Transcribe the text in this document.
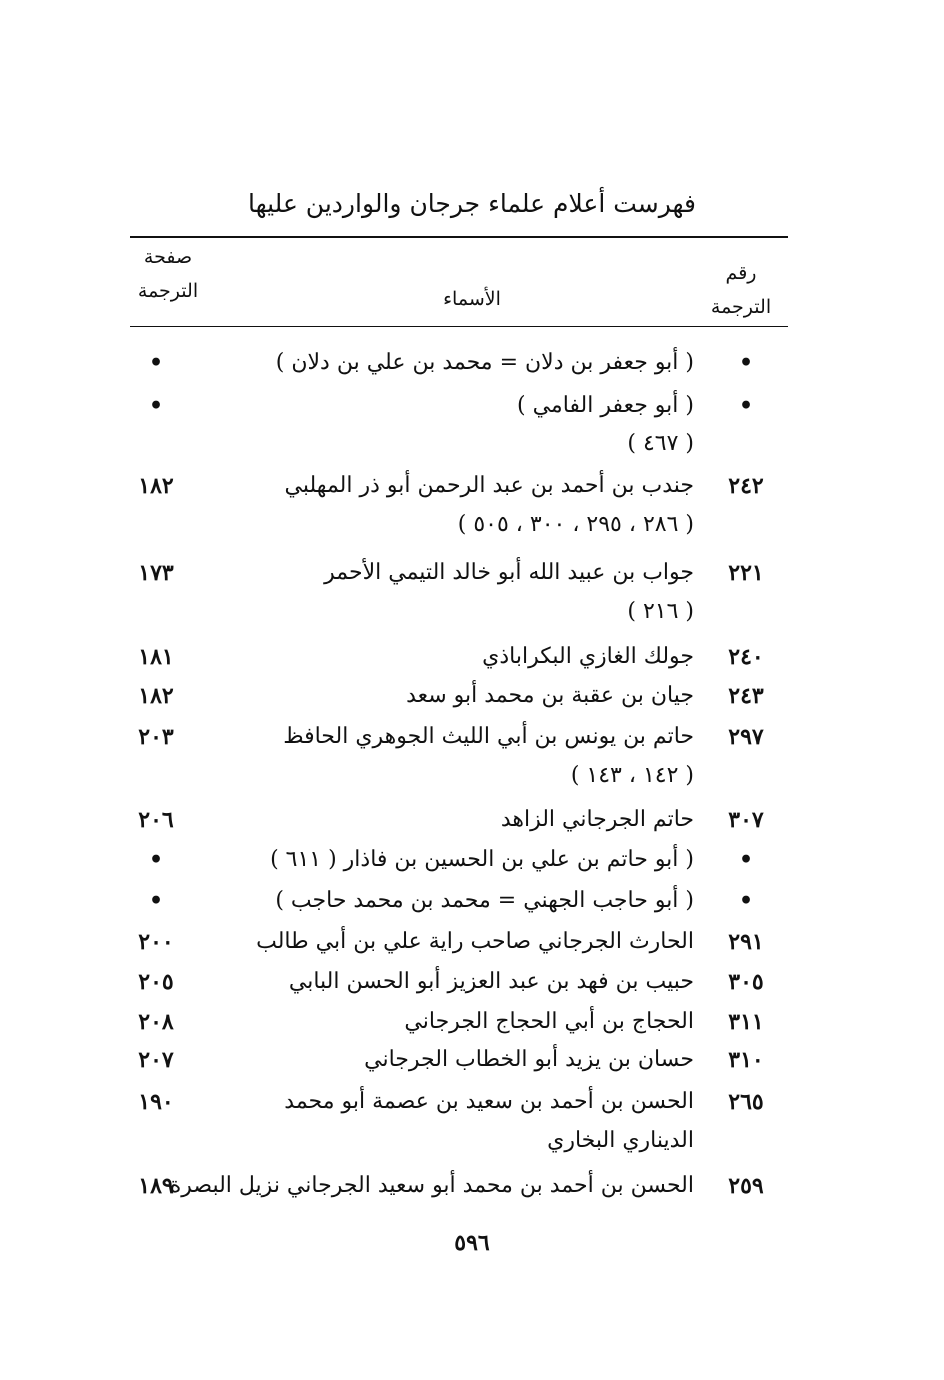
فهرست أعلام علماء جرجان والواردين عليها
رقم
الترجمة
الأسماء
صفحة
الترجمة
•
( أبو جعفر بن دلان = محمد بن علي بن دلان )
•
•
( أبو جعفر الفامي )
•
( ٤٦٧ )
٢٤٢
جندب بن أحمد بن عبد الرحمن أبو ذر المهلبي
١٨٢
( ٢٨٦ ، ٢٩٥ ، ٣٠٠ ، ٥٠٥ )
٢٢١
جواب بن عبيد الله أبو خالد التيمي الأحمر
١٧٣
( ٢١٦ )
٢٤٠
جولك الغازي البكراباذي
١٨١
٢٤٣
جيان بن عقبة بن محمد أبو سعد
١٨٢
٢٩٧
حاتم بن يونس بن أبي الليث الجوهري الحافظ
٢٠٣
( ١٤٢ ، ١٤٣ )
٣٠٧
حاتم الجرجاني الزاهد
٢٠٦
•
( أبو حاتم بن علي بن الحسين بن فاذار ( ٦١١ )
•
•
( أبو حاجب الجهني = محمد بن محمد حاجب )
•
٢٩١
الحارث الجرجاني صاحب راية علي بن أبي طالب
٢٠٠
٣٠٥
حبيب بن فهد بن عبد العزيز أبو الحسن البابي
٢٠٥
٣١١
الحجاج بن أبي الحجاج الجرجاني
٢٠٨
٣١٠
حسان بن يزيد أبو الخطاب الجرجاني
٢٠٧
٢٦٥
الحسن بن أحمد بن سعيد بن عصمة أبو محمد
١٩٠
الديناري البخاري
٢٥٩
الحسن بن أحمد بن محمد أبو سعيد الجرجاني نزيل البصرة
١٨٩
٥٩٦
